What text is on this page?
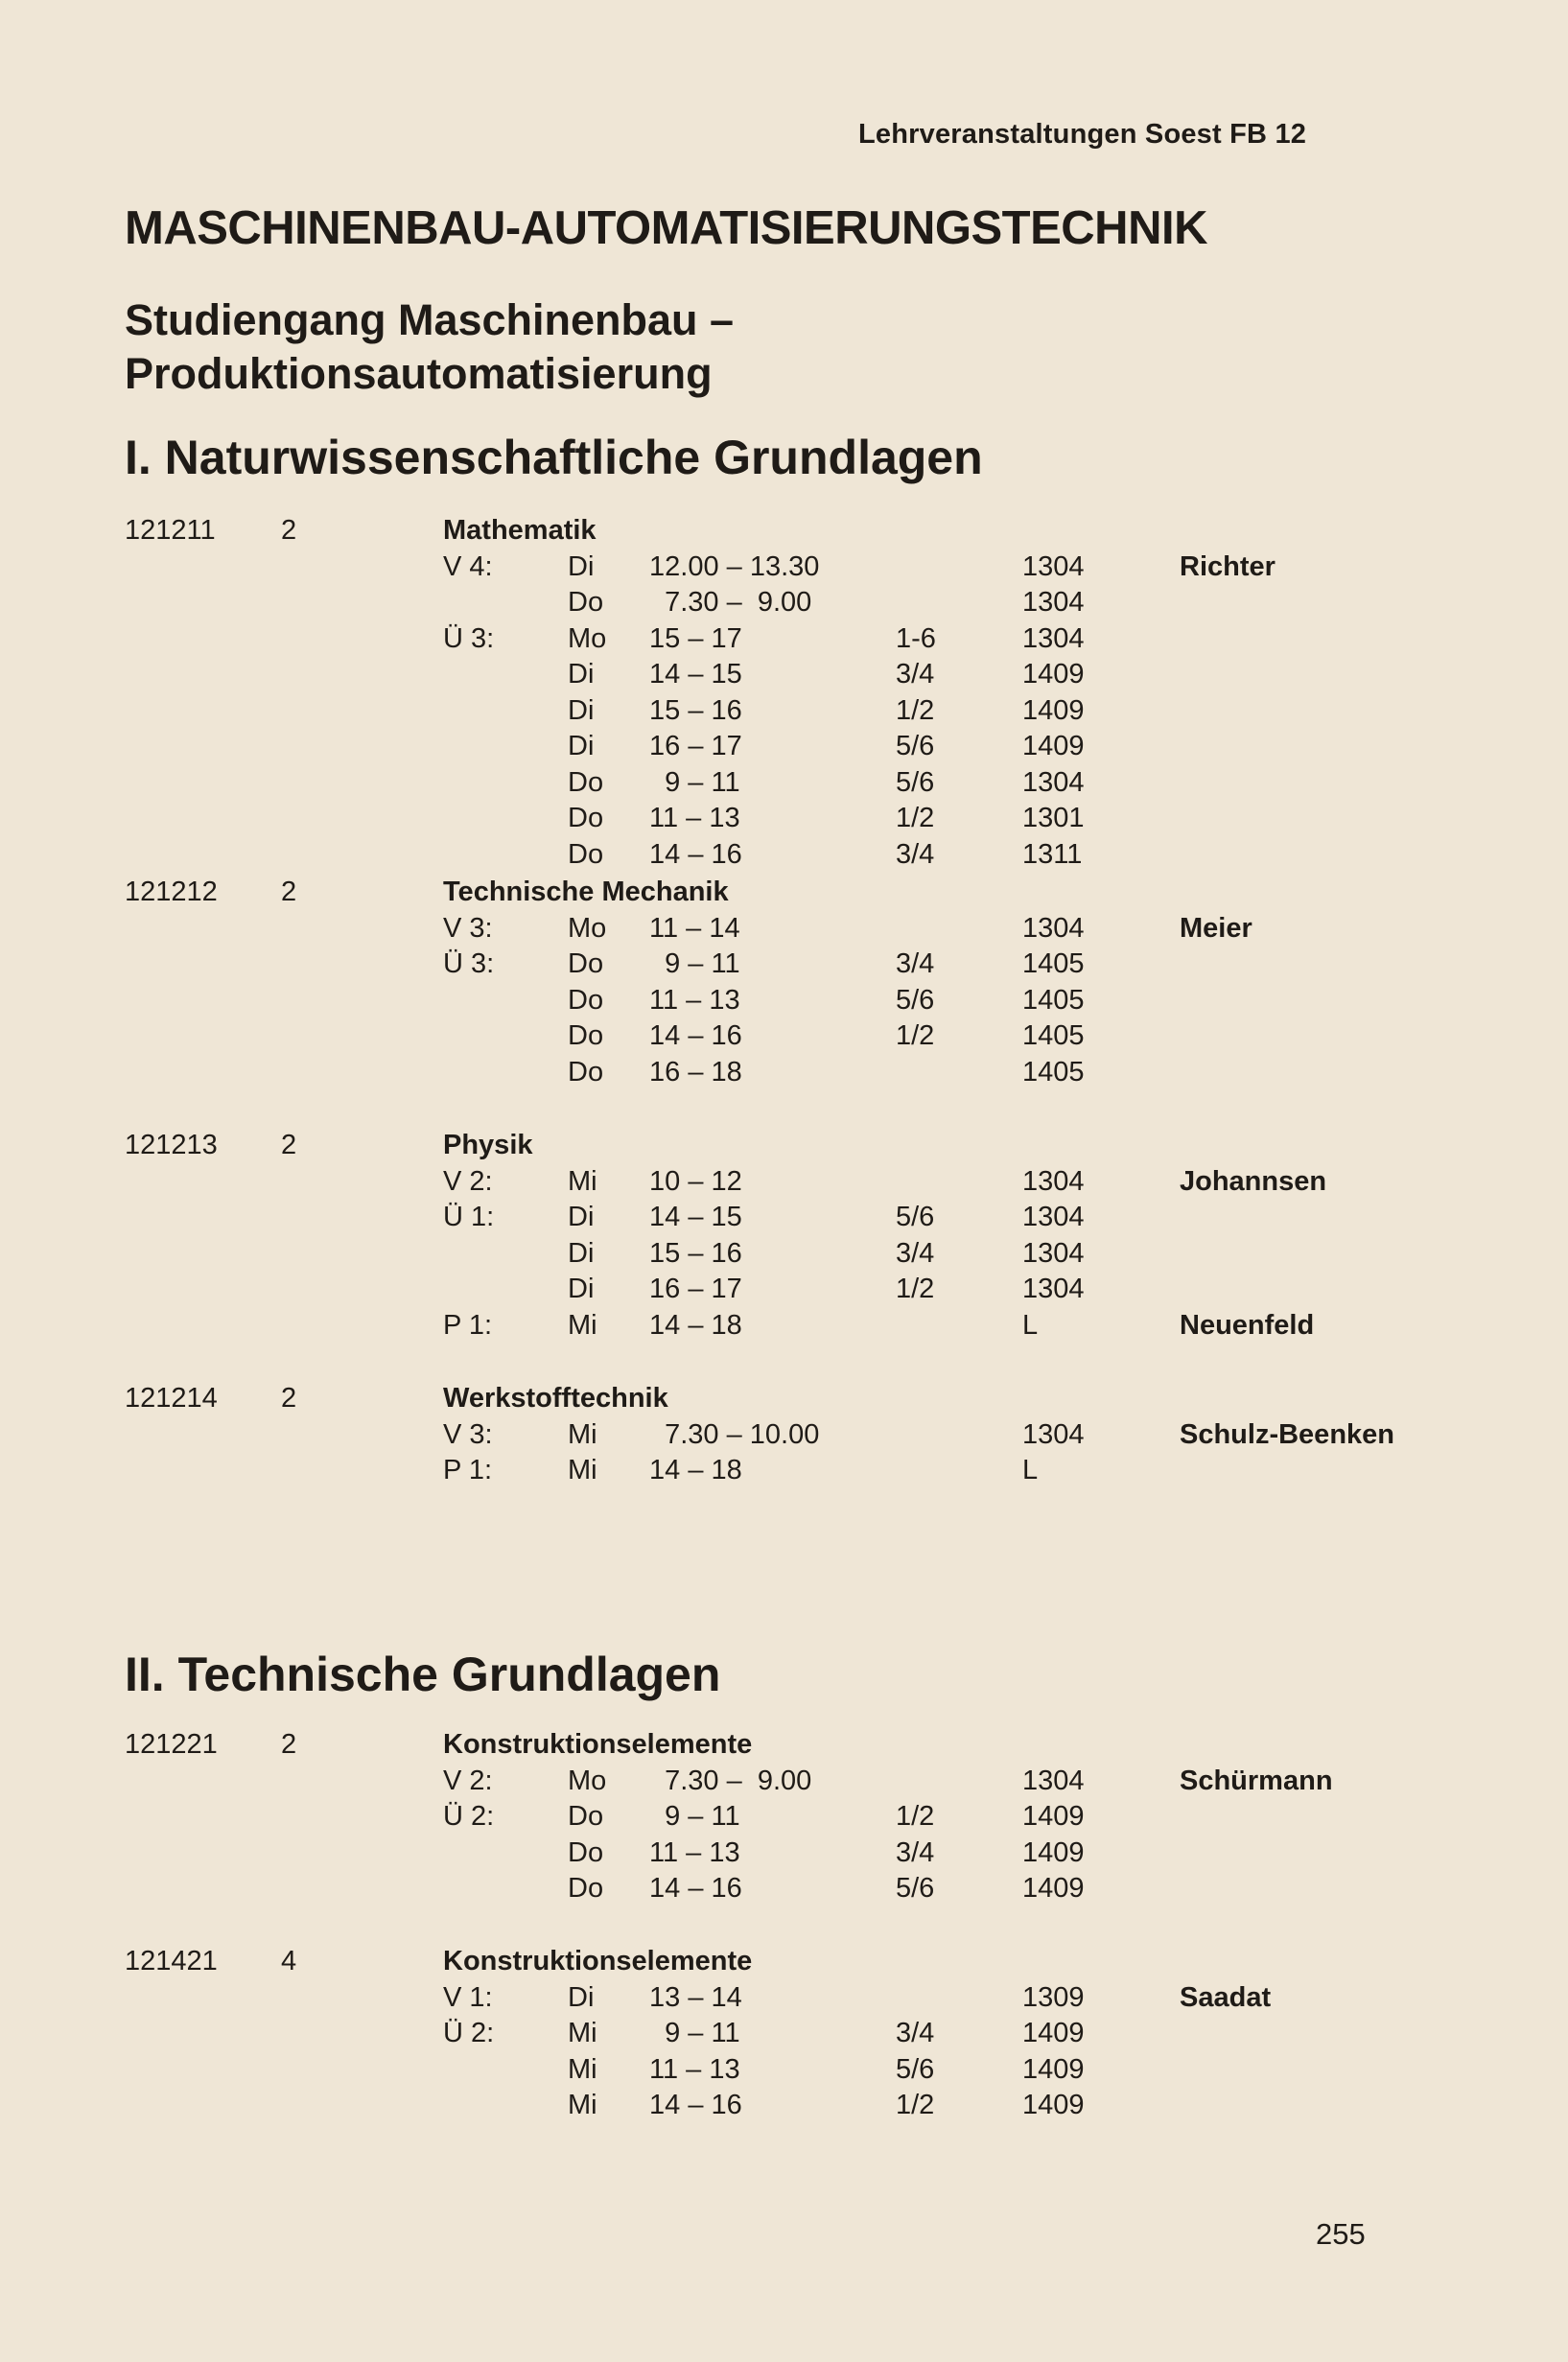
Lehrveranstaltungen Soest FB 12
MASCHINENBAU-AUTOMATISIERUNGSTECHNIK
Studiengang Maschinenbau –
Produktionsautomatisierung
I. Naturwissenschaftliche Grundlagen
II. Technische Grundlagen
121211 2	Mathematik
V 4:	Di 12.00 – 13.30	1304	Richter
Do 7.30 –  9.00	1304
Ü 3:	Mo 15 – 17	1-6	1304
Di 14 – 15	3/4	1409
Di 15 – 16	1/2	1409
Di 16 – 17	5/6	1409
Do 9 – 11	5/6	1304
Do 11 – 13	1/2	1301
Do 14 – 16	3/4	1311
121212 2	Technische Mechanik
V 3:	Mo 11 – 14	1304	Meier
Ü 3:	Do 9 – 11	3/4	1405
Do 11 – 13	5/6	1405
Do 14 – 16	1/2	1405
Do 16 – 18	1405
121213 2	Physik
V 2:	Mi 10 – 12	1304	Johannsen
Ü 1:	Di 14 – 15	5/6	1304
Di 15 – 16	3/4	1304
Di 16 – 17	1/2	1304
P 1:	Mi 14 – 18	L	Neuenfeld
121214 2	Werkstofftechnik
V 3:	Mi 7.30 – 10.00	1304	Schulz-Beenken
P 1:	Mi 14 – 18	L
121221 2	Konstruktionselemente
V 2:	Mo 7.30 –  9.00	1304	Schürmann
Ü 2:	Do 9 – 11	1/2	1409
Do 11 – 13	3/4	1409
Do 14 – 16	5/6	1409
121421 4	Konstruktionselemente
V 1:	Di 13 – 14	1309	Saadat
Ü 2:	Mi 9 – 11	3/4	1409
Mi 11 – 13	5/6	1409
Mi 14 – 16	1/2	1409
255
